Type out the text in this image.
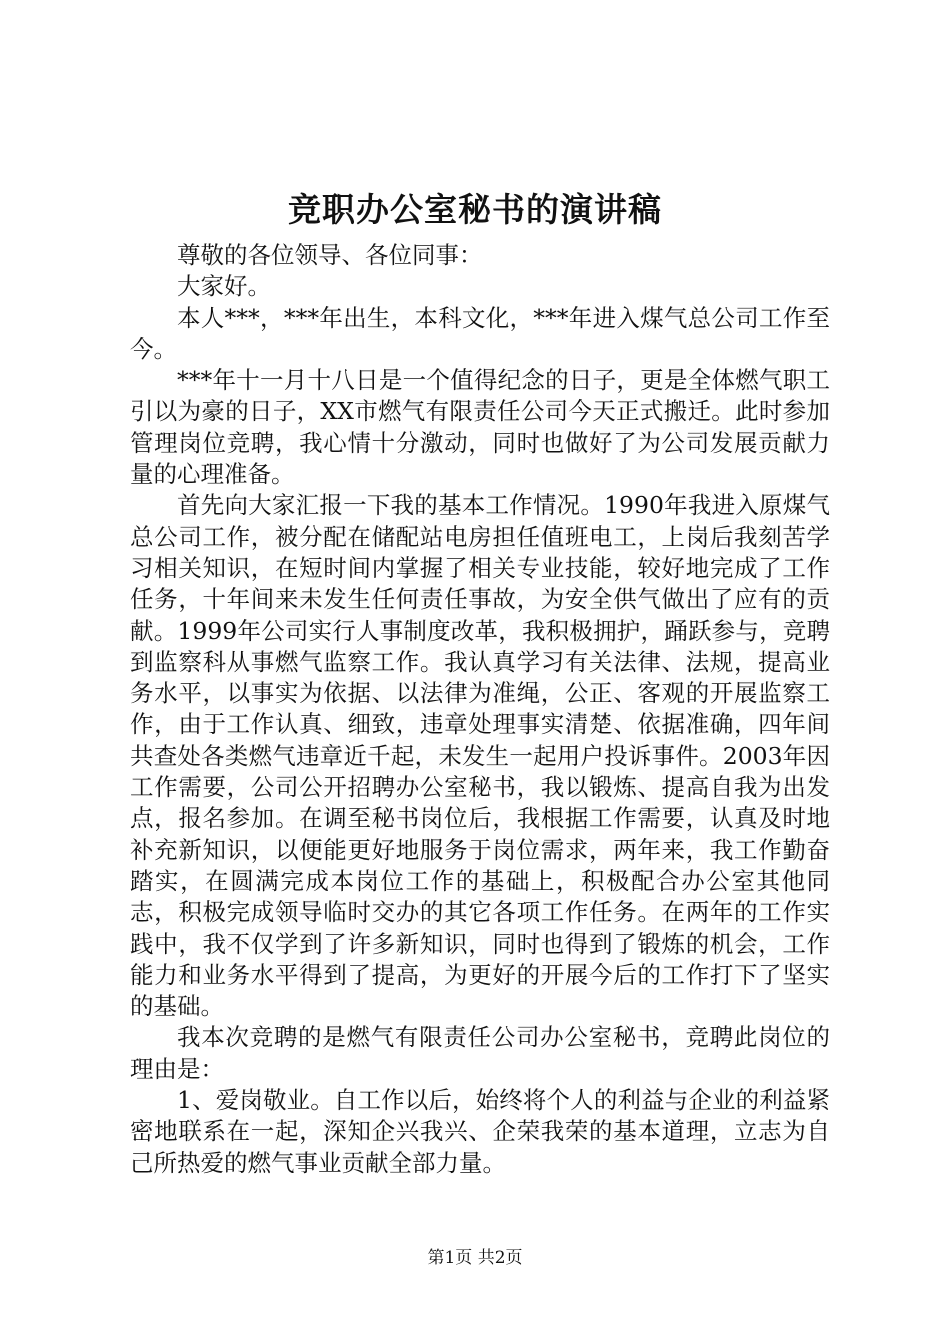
竞职办公室秘书的演讲稿

尊敬的各位领导、各位同事：

大家好。

本人***，***年出生，本科文化，***年进入煤气总公司工作至今。

***年十一月十八日是一个值得纪念的日子，更是全体燃气职工引以为豪的日子，XX市燃气有限责任公司今天正式搬迁。此时参加管理岗位竞聘，我心情十分激动，同时也做好了为公司发展贡献力量的心理准备。

首先向大家汇报一下我的基本工作情况。1990年我进入原煤气总公司工作，被分配在储配站电房担任值班电工，上岗后我刻苦学习相关知识，在短时间内掌握了相关专业技能，较好地完成了工作任务，十年间来未发生任何责任事故，为安全供气做出了应有的贡献。1999年公司实行人事制度改革，我积极拥护，踊跃参与，竞聘到监察科从事燃气监察工作。我认真学习有关法律、法规，提高业务水平，以事实为依据、以法律为准绳，公正、客观的开展监察工作，由于工作认真、细致，违章处理事实清楚、依据准确，四年间共查处各类燃气违章近千起，未发生一起用户投诉事件。2003年因工作需要，公司公开招聘办公室秘书，我以锻炼、提高自我为出发点，报名参加。在调至秘书岗位后，我根据工作需要，认真及时地补充新知识，以便能更好地服务于岗位需求，两年来，我工作勤奋踏实，在圆满完成本岗位工作的基础上，积极配合办公室其他同志，积极完成领导临时交办的其它各项工作任务。在两年的工作实践中，我不仅学到了许多新知识，同时也得到了锻炼的机会，工作能力和业务水平得到了提高，为更好的开展今后的工作打下了坚实的基础。

我本次竞聘的是燃气有限责任公司办公室秘书，竞聘此岗位的理由是：

1、爱岗敬业。自工作以后，始终将个人的利益与企业的利益紧密地联系在一起，深知企兴我兴、企荣我荣的基本道理，立志为自己所热爱的燃气事业贡献全部力量。

第1页 共2页
